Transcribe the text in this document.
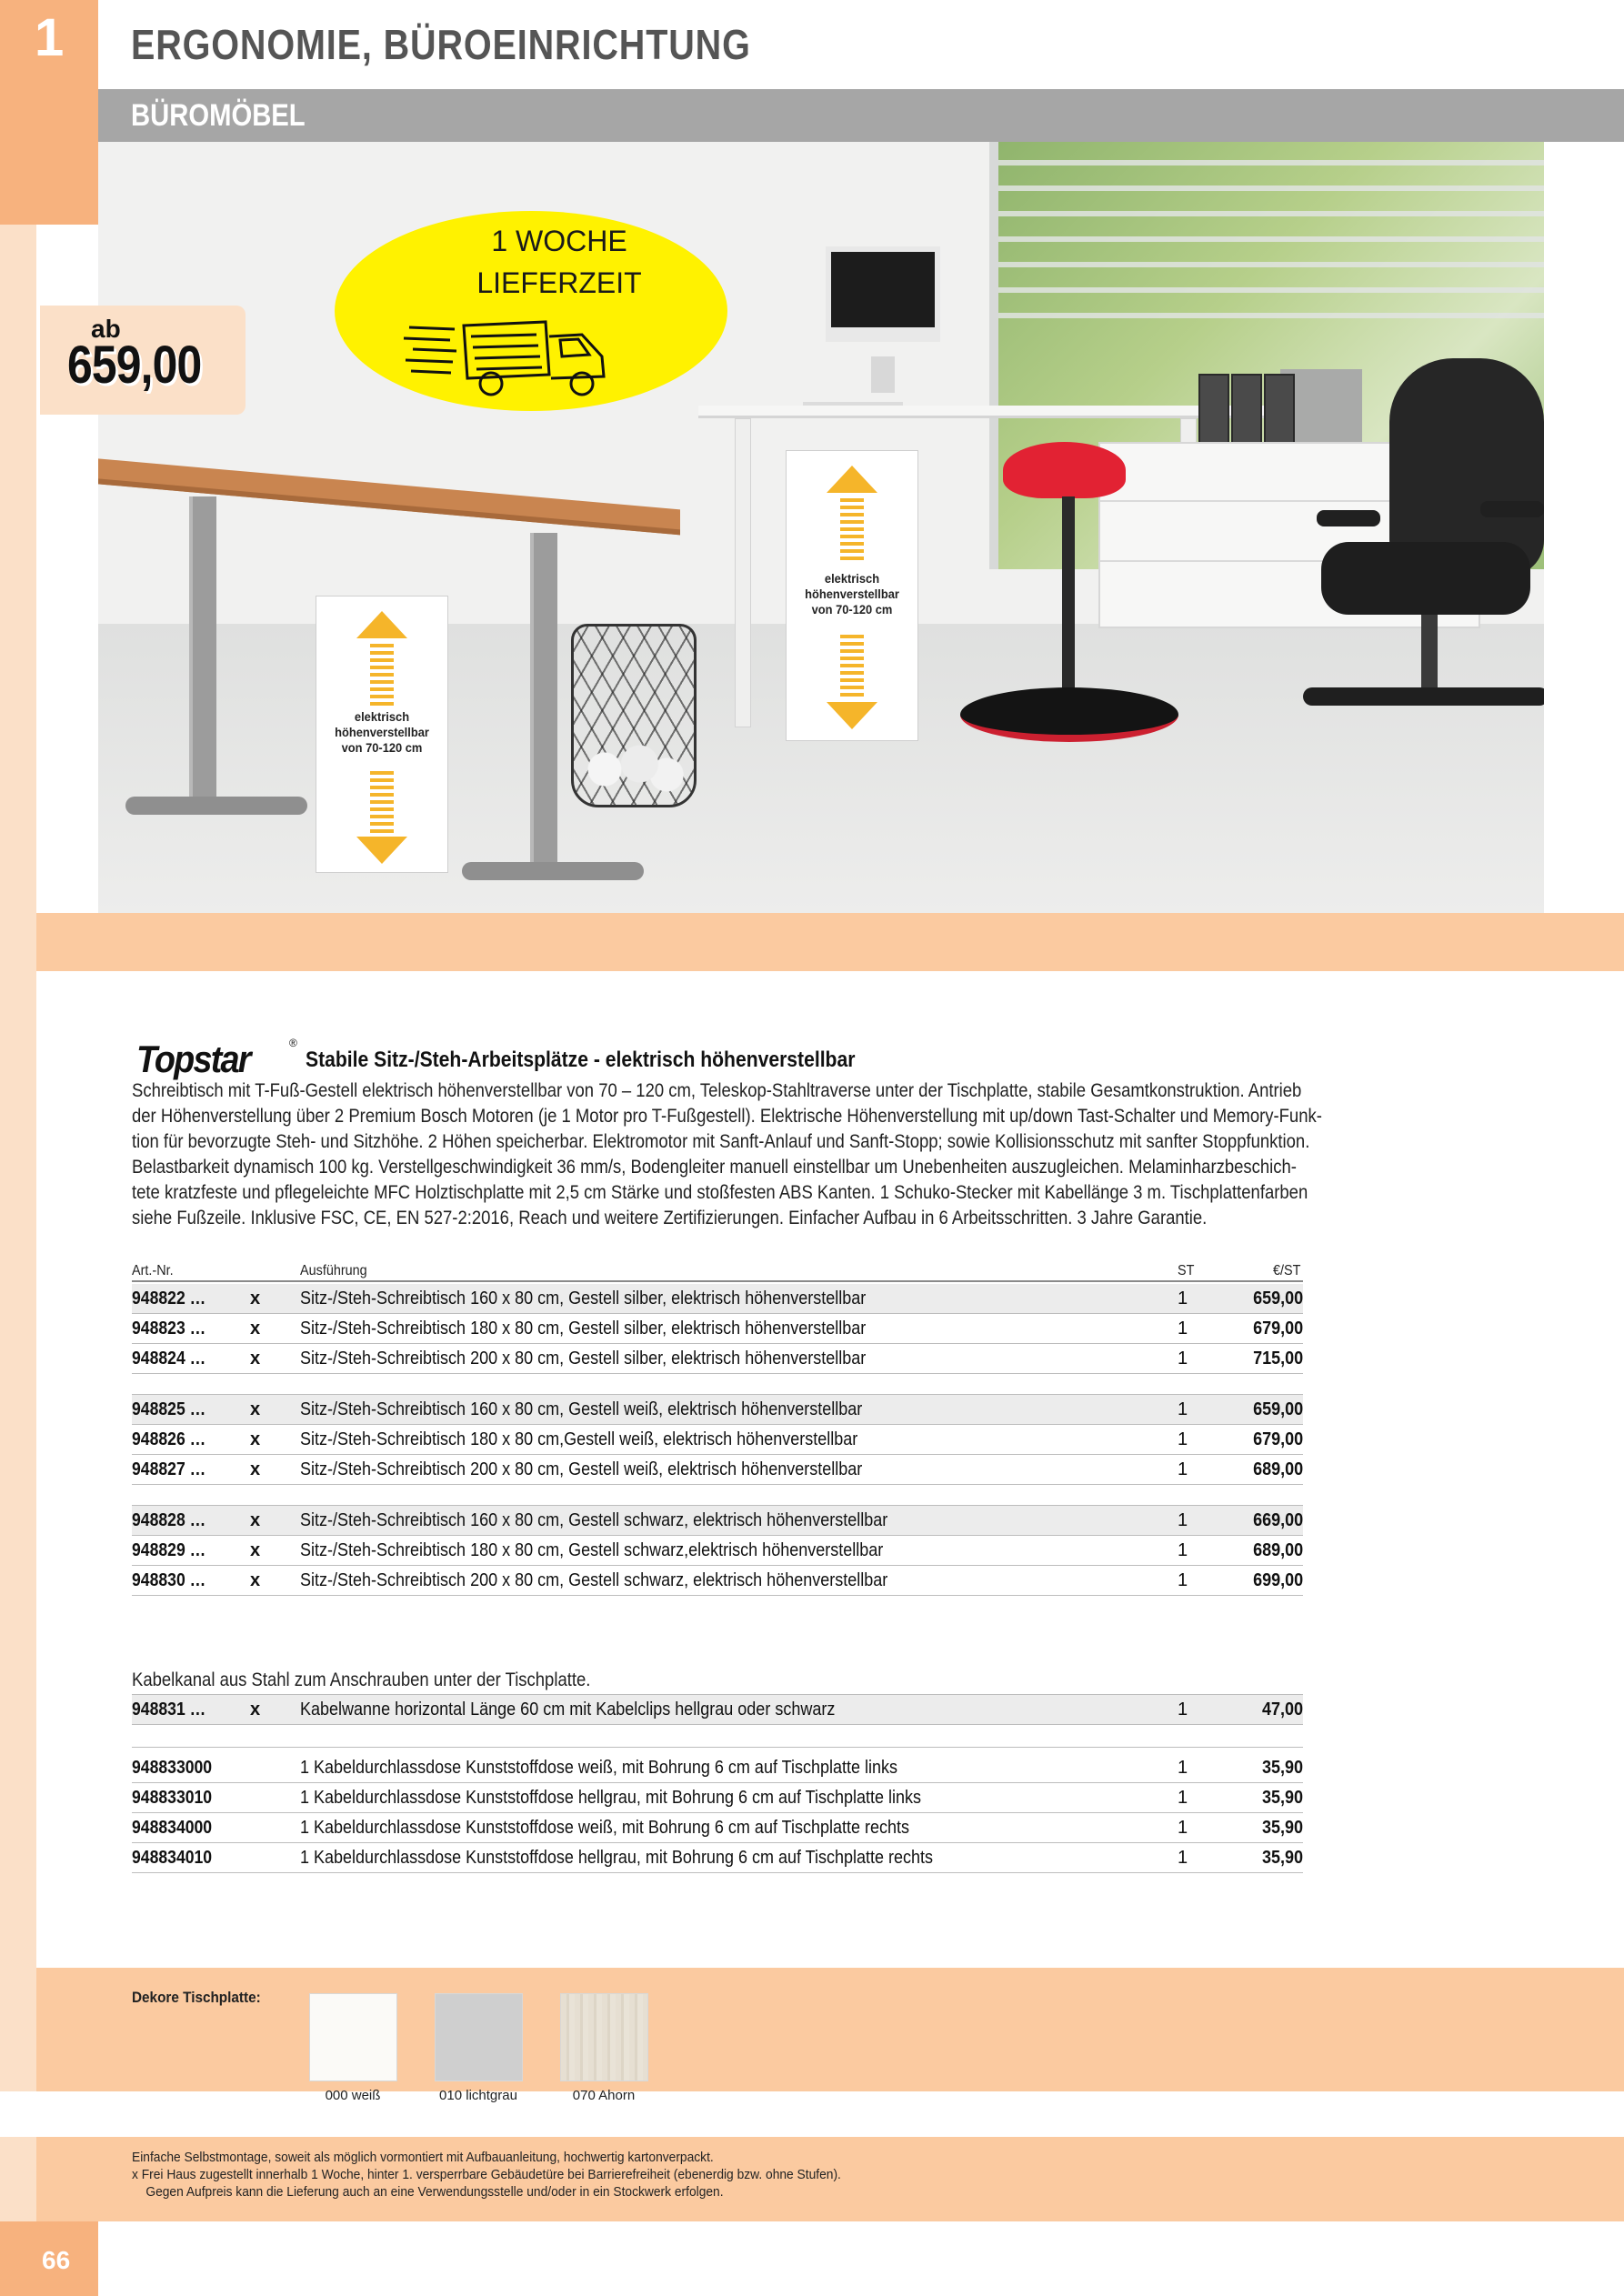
1 ERGONOMIE, BÜROEINRICHTUNG
BÜROMÖBEL
elektrisch
höhenverstellbar
von 70-120 cm
elektrisch
höhenverstellbar
von 70-120 cm
ab
659,00
1 WOCHE
LIEFERZEIT
Topstar	®
Stabile Sitz-/Steh-Arbeitsplätze - elektrisch höhenverstellbar
Schreibtisch mit T-Fuß-Gestell elektrisch höhenverstellbar von 70 – 120 cm, Teleskop-Stahltraverse unter der Tischplatte, stabile Gesamtkonstruktion. Antrieb
der Höhenverstellung über 2 Premium Bosch Motoren (je 1 Motor pro T-Fußgestell). Elektrische Höhenverstellung mit up/down Tast-Schalter und Memory-Funk-
tion für bevorzugte Steh- und Sitzhöhe. 2 Höhen speicherbar. Elektromotor mit Sanft-Anlauf und Sanft-Stopp; sowie Kollisionsschutz mit sanfter Stoppfunktion.
Belastbarkeit dynamisch 100 kg. Verstellgeschwindigkeit 36 mm/s, Bodengleiter manuell einstellbar um Unebenheiten auszugleichen. Melaminharzbeschich-
tete kratzfeste und pflegeleichte MFC Holztischplatte mit 2,5 cm Stärke und stoßfesten ABS Kanten. 1 Schuko-Stecker mit Kabellänge 3 m. Tischplattenfarben
siehe Fußzeile. Inklusive FSC, CE, EN 527-2:2016, Reach und weitere Zertifizierungen. Einfacher Aufbau in 6 Arbeitsschritten. 3 Jahre Garantie.
Art.-Nr.	Ausführung	ST	€/ST
948822 … x Sitz-/Steh-Schreibtisch 160 x 80 cm, Gestell silber, elektrisch höhenverstellbar	1	659,00
948823 … x Sitz-/Steh-Schreibtisch 180 x 80 cm, Gestell silber, elektrisch höhenverstellbar	1	679,00
948824 … x Sitz-/Steh-Schreibtisch 200 x 80 cm, Gestell silber, elektrisch höhenverstellbar	1	715,00
948825 … x Sitz-/Steh-Schreibtisch 160 x 80 cm, Gestell weiß, elektrisch höhenverstellbar	1	659,00
948826 … x Sitz-/Steh-Schreibtisch 180 x 80 cm,Gestell weiß, elektrisch höhenverstellbar	1	679,00
948827 … x Sitz-/Steh-Schreibtisch 200 x 80 cm, Gestell weiß, elektrisch höhenverstellbar	1	689,00
948828 … x Sitz-/Steh-Schreibtisch 160 x 80 cm, Gestell schwarz, elektrisch höhenverstellbar	1	669,00
948829 … x Sitz-/Steh-Schreibtisch 180 x 80 cm, Gestell schwarz,elektrisch höhenverstellbar	1	689,00
948830 … x Sitz-/Steh-Schreibtisch 200 x 80 cm, Gestell schwarz, elektrisch höhenverstellbar	1	699,00
Kabelkanal aus Stahl zum Anschrauben unter der Tischplatte.
948831 … x Kabelwanne horizontal Länge 60 cm mit Kabelclips hellgrau oder schwarz	1	47,00
948833000	1 Kabeldurchlassdose Kunststoffdose weiß, mit Bohrung 6 cm auf Tischplatte links	1	35,90
948833010	1 Kabeldurchlassdose Kunststoffdose hellgrau, mit Bohrung 6 cm auf Tischplatte links	1	35,90
948834000	1 Kabeldurchlassdose Kunststoffdose weiß, mit Bohrung 6 cm auf Tischplatte rechts	1	35,90
948834010	1 Kabeldurchlassdose Kunststoffdose hellgrau, mit Bohrung 6 cm auf Tischplatte rechts	1	35,90
Dekore Tischplatte:
000 weiß	010 lichtgrau	070 Ahorn
Einfache Selbstmontage, soweit als möglich vormontiert mit Aufbauanleitung, hochwertig kartonverpackt.
x Frei Haus zugestellt innerhalb 1 Woche, hinter 1. versperrbare Gebäudetüre bei Barrierefreiheit (ebenerdig bzw. ohne Stufen).
Gegen Aufpreis kann die Lieferung auch an eine Verwendungsstelle und/oder in ein Stockwerk erfolgen.
66
